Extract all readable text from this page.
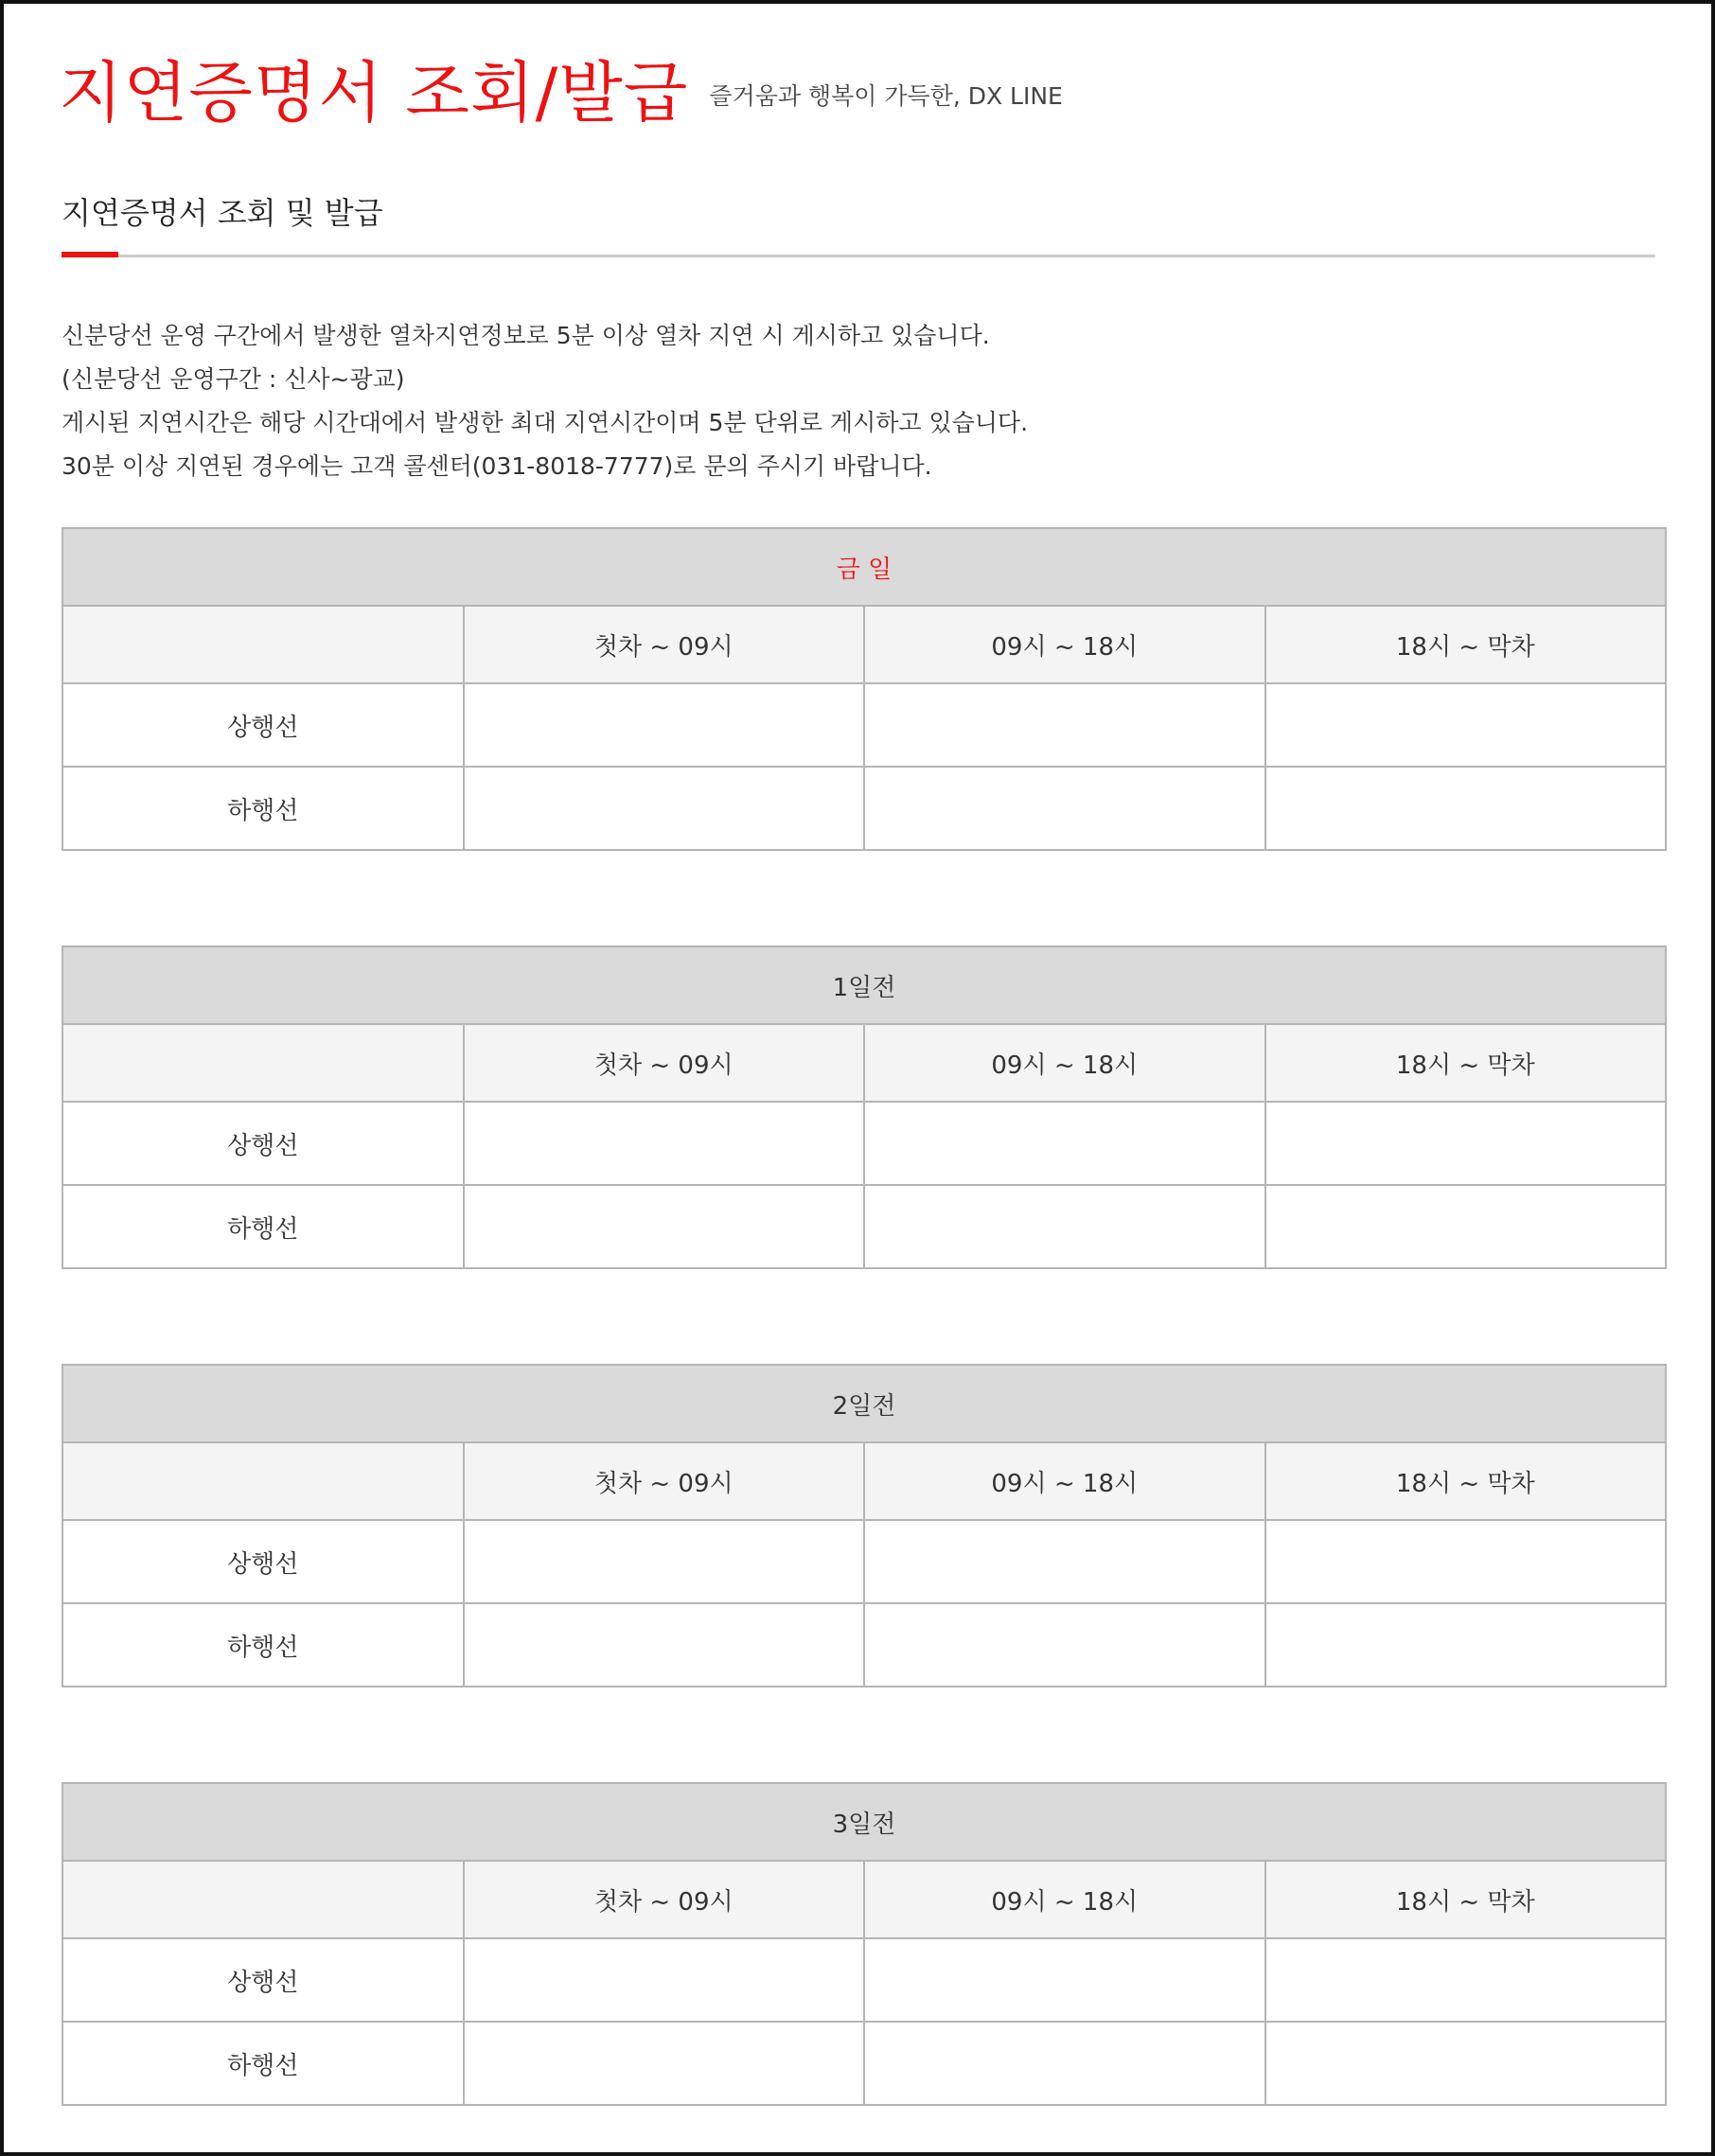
지연증명서 조회/발급 즐거움과 행복이 가득한, DX LINE
지연증명서 조회 및 발급
신분당선 운영 구간에서 발생한 열차지연정보로 5분 이상 열차 지연 시 게시하고 있습니다.
(신분당선 운영구간 : 신사~광교)
게시된 지연시간은 해당 시간대에서 발생한 최대 지연시간이며 5분 단위로 게시하고 있습니다.
30분 이상 지연된 경우에는 고객 콜센터(031-8018-7777)로 문의 주시기 바랍니다.
금 일			
	첫차 ~ 09시	09시 ~ 18시	18시 ~ 막차
상행선			
하행선			
1일전			
	첫차 ~ 09시	09시 ~ 18시	18시 ~ 막차
상행선			
하행선			
2일전			
	첫차 ~ 09시	09시 ~ 18시	18시 ~ 막차
상행선			
하행선			
3일전			
	첫차 ~ 09시	09시 ~ 18시	18시 ~ 막차
상행선			
하행선			
